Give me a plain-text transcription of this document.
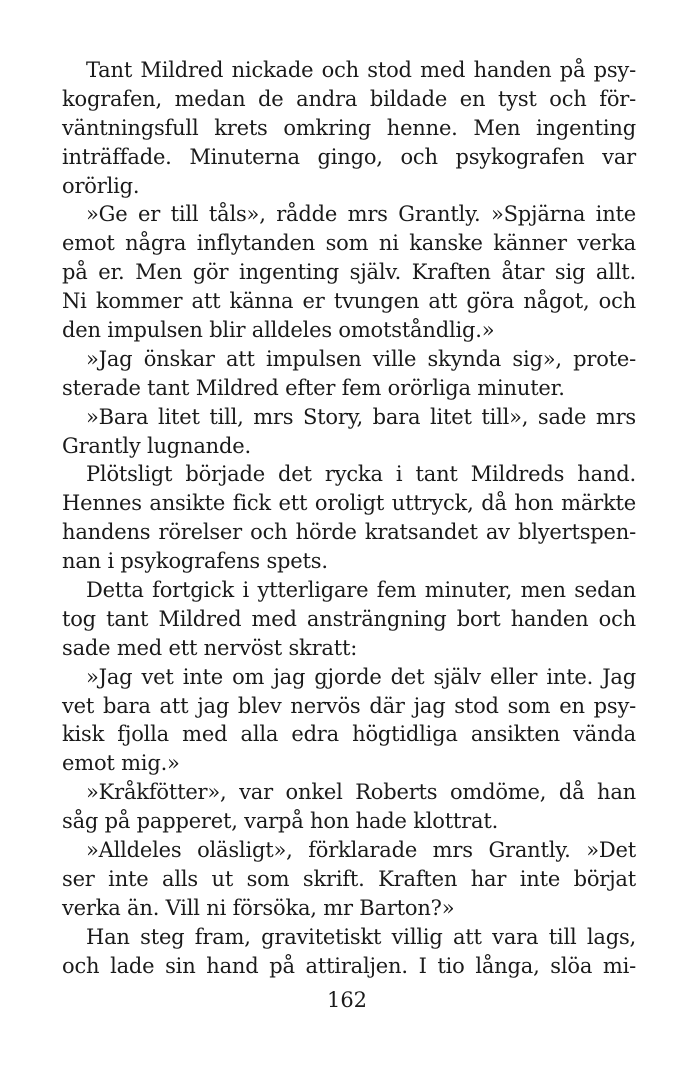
Tant Mildred nickade och stod med handen på psy-
kografen, medan de andra bildade en tyst och för-
väntningsfull krets omkring henne. Men ingenting
inträffade. Minuterna gingo, och psykografen var
orörlig.
»Ge er till tåls», rådde mrs Grantly. »Spjärna inte
emot några inflytanden som ni kanske känner verka
på er. Men gör ingenting själv. Kraften åtar sig allt.
Ni kommer att känna er tvungen att göra något, och
den impulsen blir alldeles omotståndlig.»
»Jag önskar att impulsen ville skynda sig», prote-
sterade tant Mildred efter fem orörliga minuter.
»Bara litet till, mrs Story, bara litet till», sade mrs
Grantly lugnande.
Plötsligt började det rycka i tant Mildreds hand.
Hennes ansikte fick ett oroligt uttryck, då hon märkte
handens rörelser och hörde kratsandet av blyertspen-
nan i psykografens spets.
Detta fortgick i ytterligare fem minuter, men sedan
tog tant Mildred med ansträngning bort handen och
sade med ett nervöst skratt:
»Jag vet inte om jag gjorde det själv eller inte. Jag
vet bara att jag blev nervös där jag stod som en psy-
kisk fjolla med alla edra högtidliga ansikten vända
emot mig.»
»Kråkfötter», var onkel Roberts omdöme, då han
såg på papperet, varpå hon hade klottrat.
»Alldeles oläsligt», förklarade mrs Grantly. »Det
ser inte alls ut som skrift. Kraften har inte börjat
verka än. Vill ni försöka, mr Barton?»
Han steg fram, gravitetiskt villig att vara till lags,
och lade sin hand på attiraljen. I tio långa, slöa mi-
162
